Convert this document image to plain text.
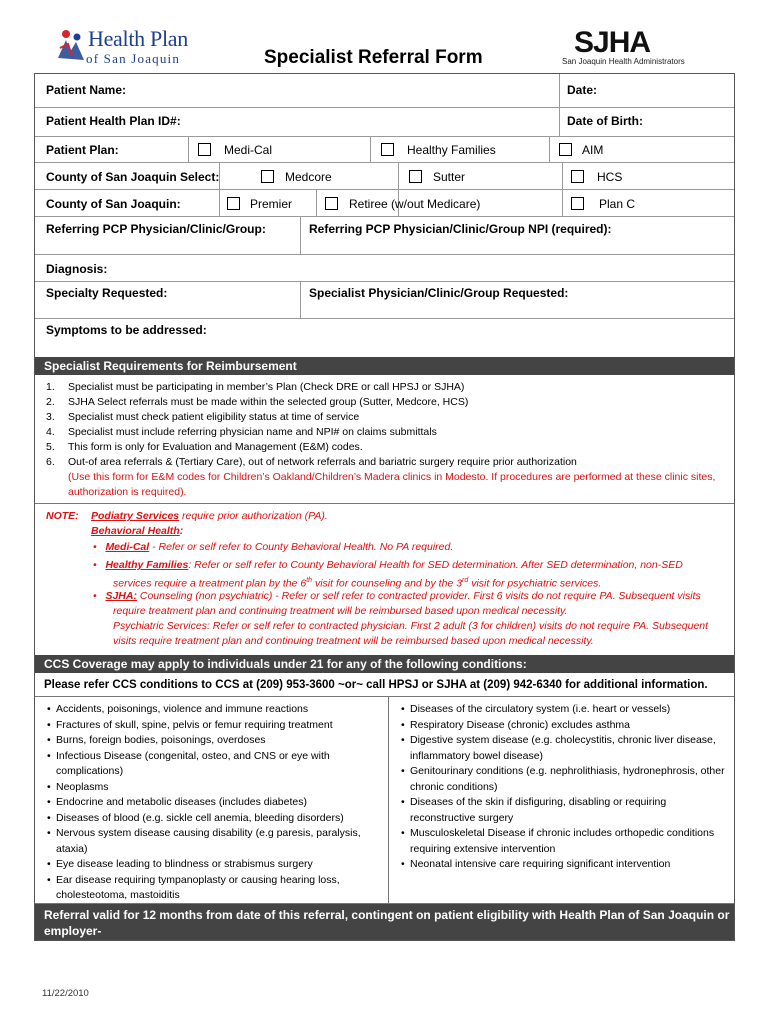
Health Plan
of San Joaquin	Specialist Referral Form	SJHA
San Joaquin Health Administrators
Patient Name:	Date:
Patient Health Plan ID#:	Date of Birth:
Patient Plan:	Medi-Cal	Healthy Families	AIM
County of San Joaquin Select:	Medcore	Sutter	HCS
County of San Joaquin:	Premier	Retiree (w/out Medicare)	Plan C
Referring PCP Physician/Clinic/Group:	Referring PCP Physician/Clinic/Group NPI (required):
Diagnosis:
Specialty Requested:	Specialist Physician/Clinic/Group Requested:
Symptoms to be addressed:
Specialist Requirements for Reimbursement
1. Specialist must be participating in member’s Plan (Check DRE or call HPSJ or SJHA)
2. SJHA Select referrals must be made within the selected group (Sutter, Medcore, HCS)
3. Specialist must check patient eligibility status at time of service
4. Specialist must include referring physician name and NPI# on claims submittals
5. This form is only for Evaluation and Management (E&M) codes.
6. Out-of area referrals & (Tertiary Care), out of network referrals and bariatric surgery require prior authorization
(Use this form for E&M codes for Children’s Oakland/Children’s Madera clinics in Modesto. If procedures are performed at these clinic sites,
authorization is required).
NOTE: Podiatry Services require prior authorization (PA).
Behavioral Health:
•   Medi-Cal - Refer or self refer to County Behavioral Health. No PA required.
•   Healthy Families: Refer or self refer to County Behavioral Health for SED determination. After SED determination, non-SED
services require a treatment plan by the 6th visit for counseling and by the 3rd visit for psychiatric services.
•   SJHA: Counseling (non psychiatric) - Refer or self refer to contracted provider. First 6 visits do not require PA. Subsequent visits
require treatment plan and continuing treatment will be reimbursed based upon medical necessity.
Psychiatric Services: Refer or self refer to contracted physician. First 2 adult (3 for children) visits do not require PA. Subsequent
visits require treatment plan and continuing treatment will be reimbursed based upon medical necessity.
CCS Coverage may apply to individuals under 21 for any of the following conditions:
Please refer CCS conditions to CCS at (209) 953-3600 ~or~ call HPSJ or SJHA at (209) 942-6340 for additional information.
• Accidents, poisonings, violence and immune reactions
• Fractures of skull, spine, pelvis or femur requiring treatment
• Burns, foreign bodies, poisonings, overdoses
• Infectious Disease (congenital, osteo, and CNS or eye with
complications)
• Neoplasms
• Endocrine and metabolic diseases (includes diabetes)
• Diseases of blood (e.g. sickle cell anemia, bleeding disorders)
• Nervous system disease causing disability (e.g paresis, paralysis,
ataxia)
• Eye disease leading to blindness or strabismus surgery
• Ear disease requiring tympanoplasty or causing hearing loss,
cholesteotoma, mastoiditis
• Diseases of the circulatory system (i.e. heart or vessels)
• Respiratory Disease (chronic) excludes asthma
• Digestive system disease (e.g. cholecystitis, chronic liver disease,
inflammatory bowel disease)
• Genitourinary conditions (e.g. nephrolithiasis, hydronephrosis, other
chronic conditions)
• Diseases of the skin if disfiguring, disabling or requiring
reconstructive surgery
• Musculoskeletal Disease if chronic includes orthopedic conditions
requiring extensive intervention
• Neonatal intensive care requiring significant intervention
Referral valid for 12 months from date of this referral, contingent on patient eligibility with Health Plan of San Joaquin or employer-
sponsored health plan administered by SJHA
11/22/2010
